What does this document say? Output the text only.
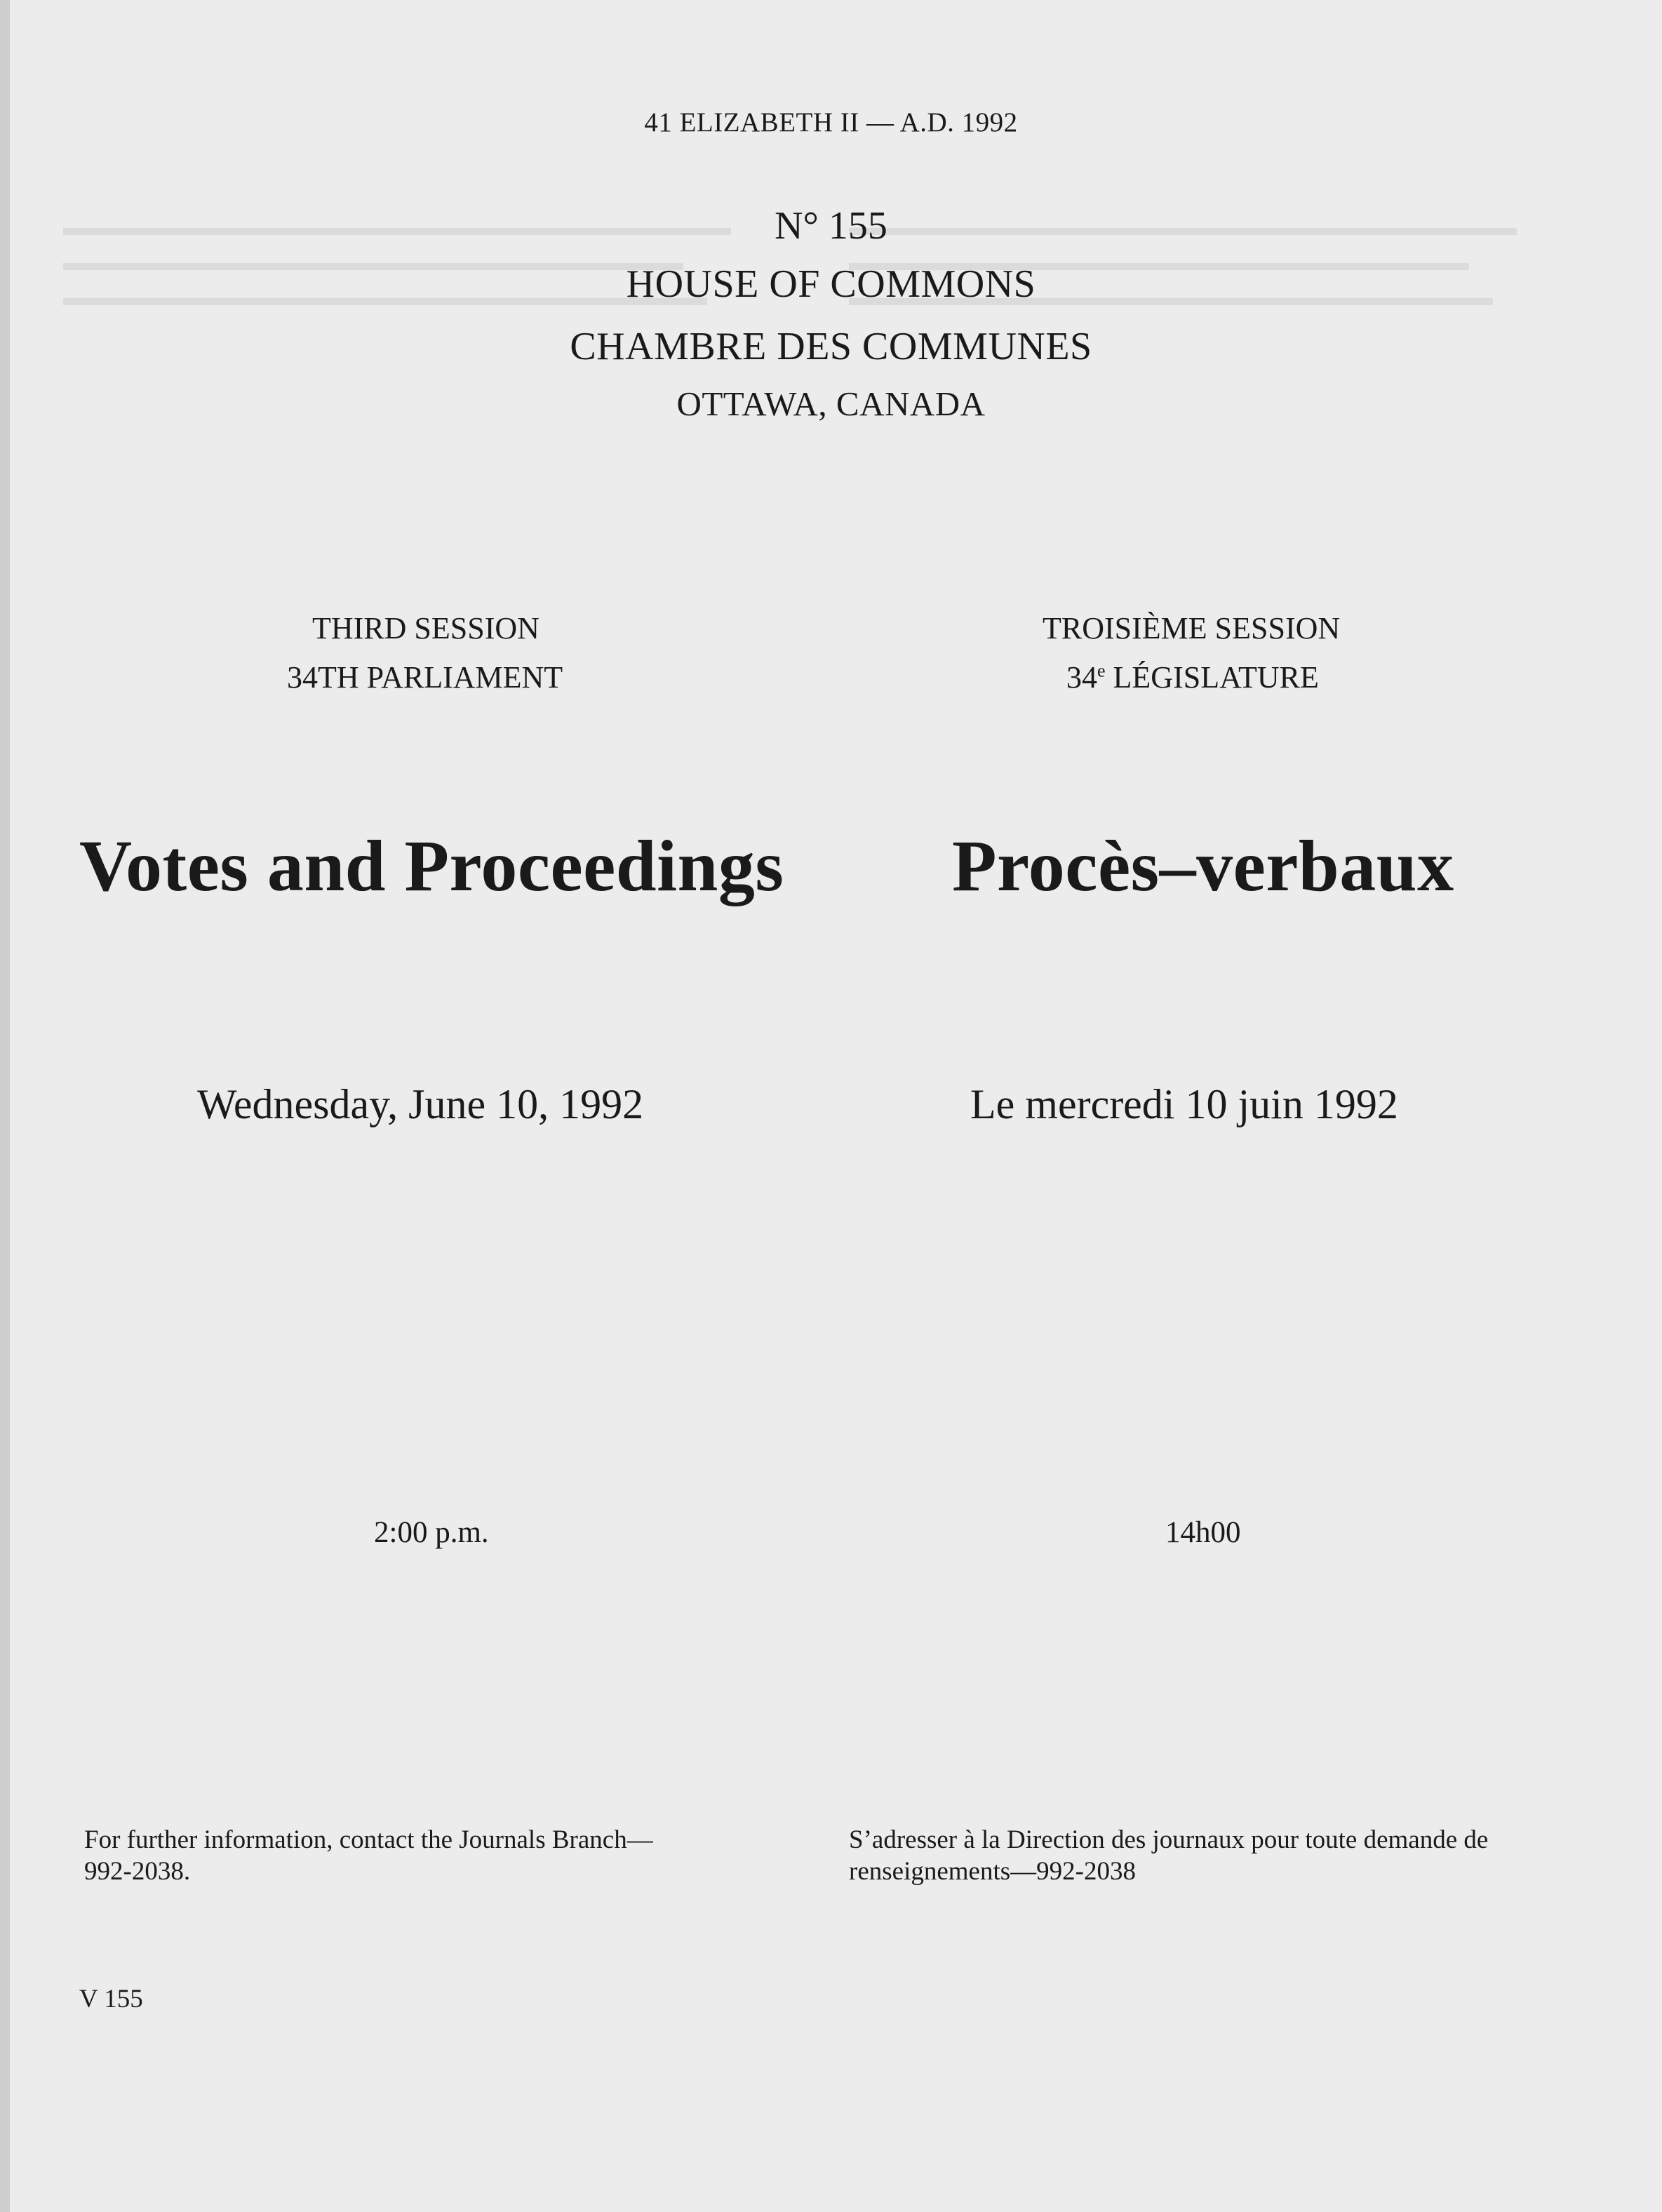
▬▬▬▬▬▬▬▬▬▬▬▬▬▬▬▬▬▬▬▬▬▬▬▬▬▬▬▬
▬▬▬▬▬▬▬▬▬▬▬▬▬▬▬▬▬▬▬▬▬▬▬▬▬▬
▬▬▬▬▬▬▬▬▬▬▬▬▬▬▬▬▬▬▬▬▬▬▬▬▬▬▬
▬▬▬▬▬▬▬▬▬▬▬▬▬▬▬▬▬▬▬▬▬▬▬▬▬▬▬▬
▬▬▬▬▬▬▬▬▬▬▬▬▬▬▬▬▬▬▬▬▬▬▬▬▬▬
▬▬▬▬▬▬▬▬▬▬▬▬▬▬▬▬▬▬▬▬▬▬▬▬▬▬▬
41 ELIZABETH II — A.D. 1992
N° 155
HOUSE OF COMMONS
CHAMBRE DES COMMUNES
OTTAWA, CANADA
THIRD SESSION	TROISIÈME SESSION
34TH PARLIAMENT	34e LÉGISLATURE
Votes and Proceedings Procès–verbaux
Wednesday, June 10, 1992	Le mercredi 10 juin 1992
2:00 p.m.	14h00
For further information, contact the Journals Branch—
992-2038.
S’adresser à la Direction des journaux pour toute demande de
renseignements—992-2038
V 155
